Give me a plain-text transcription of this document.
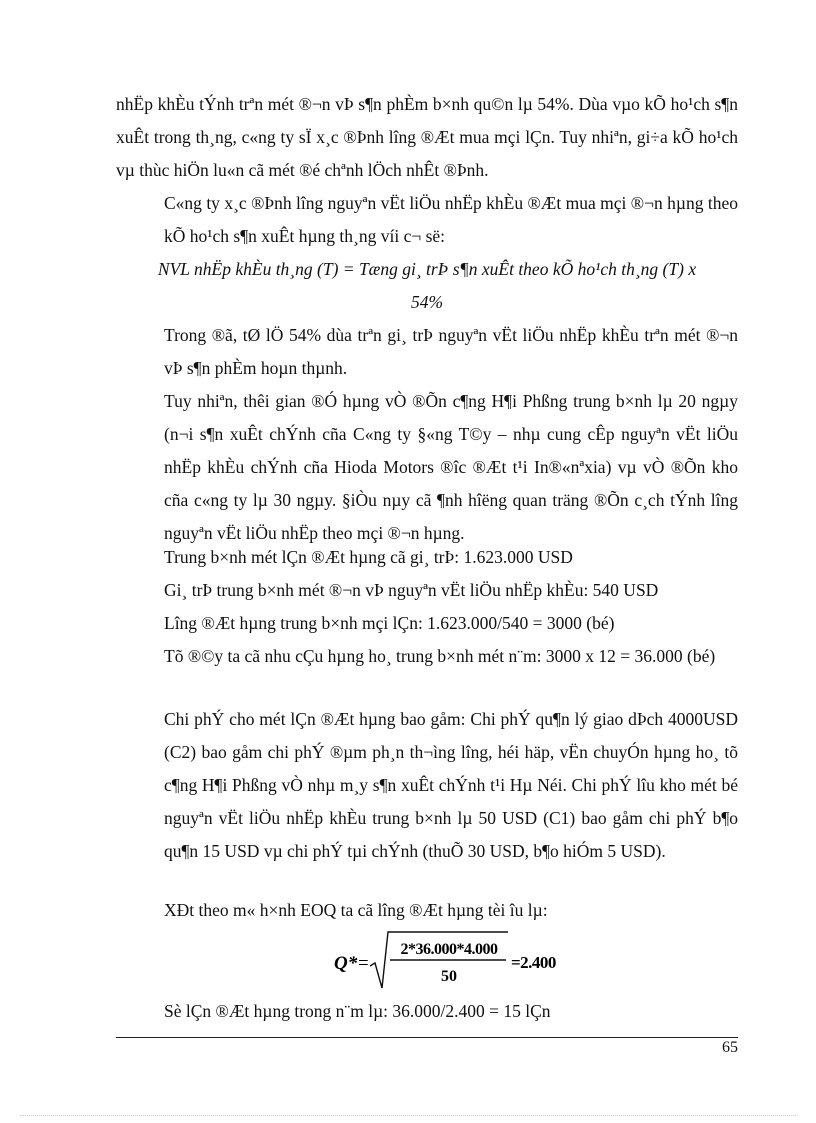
nhËp khÈu tÝnh trªn mét ®¬n vÞ s¶n phÈm b×nh qu©n lµ 54%. Dùa vµo kÕ ho¹ch s¶n xuÊt trong th¸ng, c«ng ty sÏ x¸c ®Þnh lîng ®Æt mua mçi lÇn. Tuy nhiªn, gi÷a kÕ ho¹ch vµ thùc hiÖn lu«n cã mét ®é chªnh lÖch nhÊt ®Þnh.

C«ng ty x¸c ®Þnh lîng nguyªn vËt liÖu nhËp khÈu ®Æt mua mçi ®¬n hµng theo kÕ ho¹ch s¶n xuÊt hµng th¸ng víi c¬ së:

NVL nhËp khÈu th¸ng (T) = Tæng gi¸ trÞ s¶n xuÊt theo kÕ ho¹ch th¸ng (T) x

54%

Trong ®ã, tØ lÖ 54% dùa trªn gi¸ trÞ nguyªn vËt liÖu nhËp khÈu trªn mét ®¬n vÞ s¶n phÈm hoµn thµnh.

Tuy nhiªn, thêi gian ®Ó hµng vÒ ®Õn c¶ng H¶i Phßng trung b×nh lµ 20 ngµy (n¬i s¶n xuÊt chÝnh cña C«ng ty §«ng T©y – nhµ cung cÊp nguyªn vËt liÖu nhËp khÈu chÝnh cña Hioda Motors ®îc ®Æt t¹i In®«nªxia) vµ vÒ ®Õn kho cña c«ng ty lµ 30 ngµy. §iÒu nµy cã ¶nh hîëng quan träng ®Õn c¸ch tÝnh lîng nguyªn vËt liÖu nhËp theo mçi ®¬n hµng.

Trung b×nh mét lÇn ®Æt hµng cã gi¸ trÞ: 1.623.000 USD

Gi¸ trÞ trung b×nh mét ®¬n vÞ nguyªn vËt liÖu nhËp khÈu: 540 USD

Lîng ®Æt hµng trung b×nh mçi lÇn: 1.623.000/540 = 3000 (bé)

Tõ ®©y ta cã nhu cÇu hµng ho¸ trung b×nh mét n¨m: 3000 x 12 = 36.000 (bé)

Chi phÝ cho mét lÇn ®Æt hµng bao gåm: Chi phÝ qu¶n lý giao dÞch 4000USD (C2) bao gåm chi phÝ ®µm ph¸n th¬ìng lîng, héi häp, vËn chuyÓn hµng ho¸ tõ c¶ng H¶i Phßng vÒ nhµ m¸y s¶n xuÊt chÝnh t¹i Hµ Néi. Chi phÝ lîu kho mét bé nguyªn vËt liÖu nhËp khÈu trung b×nh lµ 50 USD (C1) bao gåm chi phÝ b¶o qu¶n 15 USD vµ chi phÝ tµi chÝnh (thuÕ 30 USD, b¶o hiÓm 5 USD).

XÐt theo m« h×nh EOQ ta cã lîng ®Æt hµng tèi îu lµ:

Q* =
2*36.000*4.000
50
=2.400

Sè lÇn ®Æt hµng trong n¨m lµ: 36.000/2.400 = 15 lÇn

65
